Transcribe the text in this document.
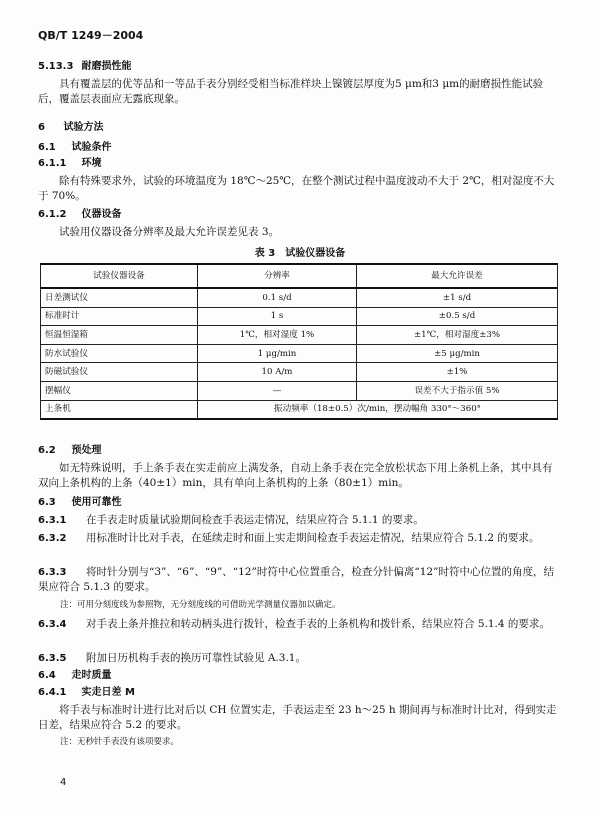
QB/T 1249－2004
5.13.3 耐磨损性能
具有覆盖层的优等品和一等品手表分别经受相当标准样块上镍镀层厚度为5 μm和3 μm的耐磨损性能试验后，覆盖层表面应无露底现象。
6 试验方法
6.1 试验条件
6.1.1 环境
除有特殊要求外，试验的环境温度为 18℃～25℃，在整个测试过程中温度波动不大于 2℃，相对湿度不大于 70%。
6.1.2 仪器设备
试验用仪器设备分辨率及最大允许误差见表 3。
表 3　试验仪器设备
试验仪器设备	分辨率	最大允许误差
日差测试仪	0.1 s/d	±1 s/d
标准时计	1 s	±0.5 s/d
恒温恒湿箱	1℃，相对湿度 1%	±1℃，相对湿度±3%
防水试验仪	1 μg/min	±5 μg/min
防磁试验仪	10 A/m	±1%
摆幅仪	—	误差不大于指示值 5%
上条机	振动频率（18±0.5）次/min，摆动幅角 330°～360°	
6.2 预处理
如无特殊说明，手上条手表在实走前应上满发条，自动上条手表在完全放松状态下用上条机上条，其中具有双向上条机构的上条（40±1）min，具有单向上条机构的上条（80±1）min。
6.3 使用可靠性
6.3.1 在手表走时质量试验期间检查手表运走情况，结果应符合 5.1.1 的要求。
6.3.2 用标准时计比对手表，在延续走时和面上实走期间检查手表运走情况，结果应符合 5.1.2 的要求。
6.3.3 将时针分别与“3”、“6”、“9”、“12”时符中心位置重合，检查分针偏离“12”时符中心位置的角度，结果应符合 5.1.3 的要求。
注：可用分刻度线为参照物，无分刻度线的可借助光学测量仪器加以确定。
6.3.4 对手表上条并推拉和转动柄头进行拨针，检查手表的上条机构和拨针系，结果应符合 5.1.4 的要求。
6.3.5 附加日历机构手表的换历可靠性试验见 A.3.1。
6.4 走时质量
6.4.1 实走日差 M
将手表与标准时计进行比对后以 CH 位置实走，手表运走至 23 h～25 h 期间再与标准时计比对，得到实走日差，结果应符合 5.2 的要求。
注：无秒针手表没有该项要求。
4
